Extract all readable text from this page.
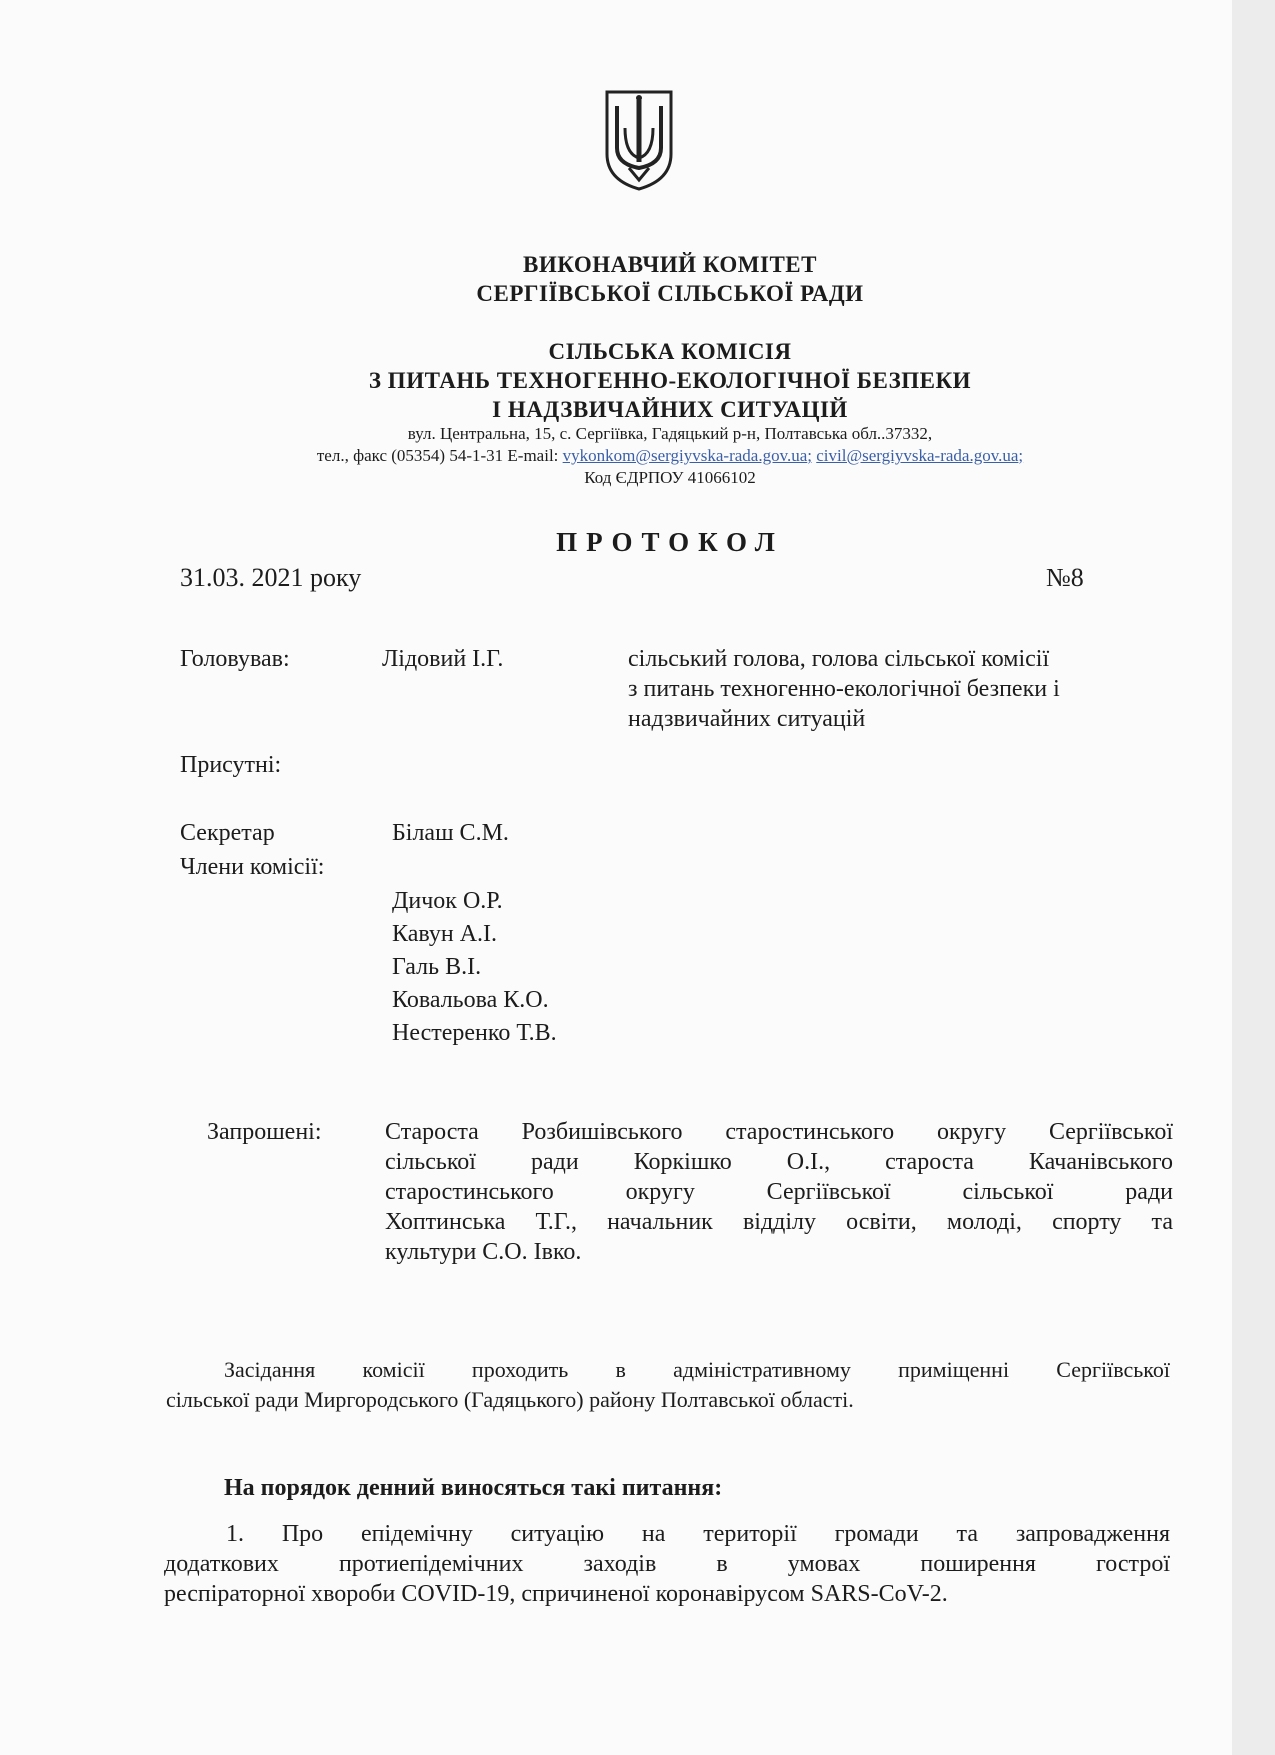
ВИКОНАВЧИЙ КОМІТЕТ
СЕРГІЇВСЬКОЇ СІЛЬСЬКОЇ РАДИ
СІЛЬСЬКА КОМІСІЯ
З ПИТАНЬ ТЕХНОГЕННО-ЕКОЛОГІЧНОЇ БЕЗПЕКИ
І НАДЗВИЧАЙНИХ СИТУАЦІЙ
вул. Центральна, 15, с. Сергіївка, Гадяцький р-н, Полтавська обл..37332,
тел., факс (05354) 54-1-31 E-mail: vykonkom@sergiyvska-rada.gov.ua; civil@sergiyvska-rada.gov.ua;
Код ЄДРПОУ 41066102
ПРОТОКОЛ
31.03. 2021 року	№8
Головував:	Лідовий І.Г.	сільський голова, голова сільської комісії
з питань техногенно-екологічної безпеки і
надзвичайних ситуацій
Присутні:
Секретар	Білаш С.М.
Члени комісії:
Дичок О.Р.
Кавун А.І.
Галь В.І.
Ковальова К.О.
Нестеренко Т.В.
Запрошені:	Староста Розбишівського старостинського округу Сергіївської
сільської ради Коркішко О.І., староста Качанівського
старостинського округу Сергіївської сільської ради
Хоптинська Т.Г., начальник відділу освіти, молоді, спорту та
культури С.О. Івко.
Засідання комісії проходить в адміністративному приміщенні Сергіївської
сільської ради Миргородського (Гадяцького) району Полтавської області.
На порядок денний виносяться такі питання:
1. Про епідемічну ситуацію на території громади та запровадження
додаткових протиепідемічних заходів в умовах поширення гострої
респіраторної хвороби COVID-19, спричиненої коронавірусом SARS-CoV-2.
